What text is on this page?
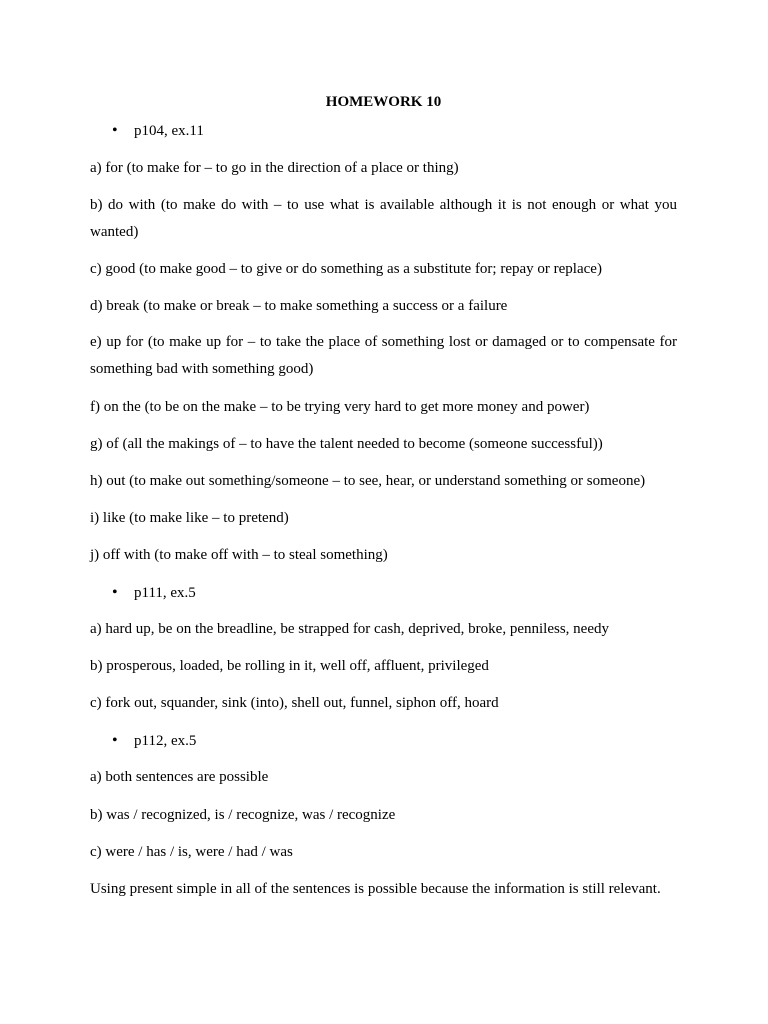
HOMEWORK 10
• p104, ex.11
a) for (to make for – to go in the direction of a place or thing)
b) do with (to make do with – to use what is available although it is not enough or what you wanted)
c) good (to make good – to give or do something as a substitute for; repay or replace)
d) break (to make or break – to make something a success or a failure
e) up for (to make up for – to take the place of something lost or damaged or to compensate for something bad with something good)
f) on the (to be on the make – to be trying very hard to get more money and power)
g) of (all the makings of – to have the talent needed to become (someone successful))
h) out (to make out something/someone – to see, hear, or understand something or someone)
i) like (to make like – to pretend)
j) off with (to make off with – to steal something)
• p111, ex.5
a) hard up, be on the breadline, be strapped for cash, deprived, broke, penniless, needy
b) prosperous, loaded, be rolling in it, well off, affluent, privileged
c) fork out, squander, sink (into), shell out, funnel, siphon off, hoard
• p112, ex.5
a) both sentences are possible
b) was / recognized, is / recognize, was / recognize
c) were / has / is, were / had / was
Using present simple in all of the sentences is possible because the information is still relevant.
